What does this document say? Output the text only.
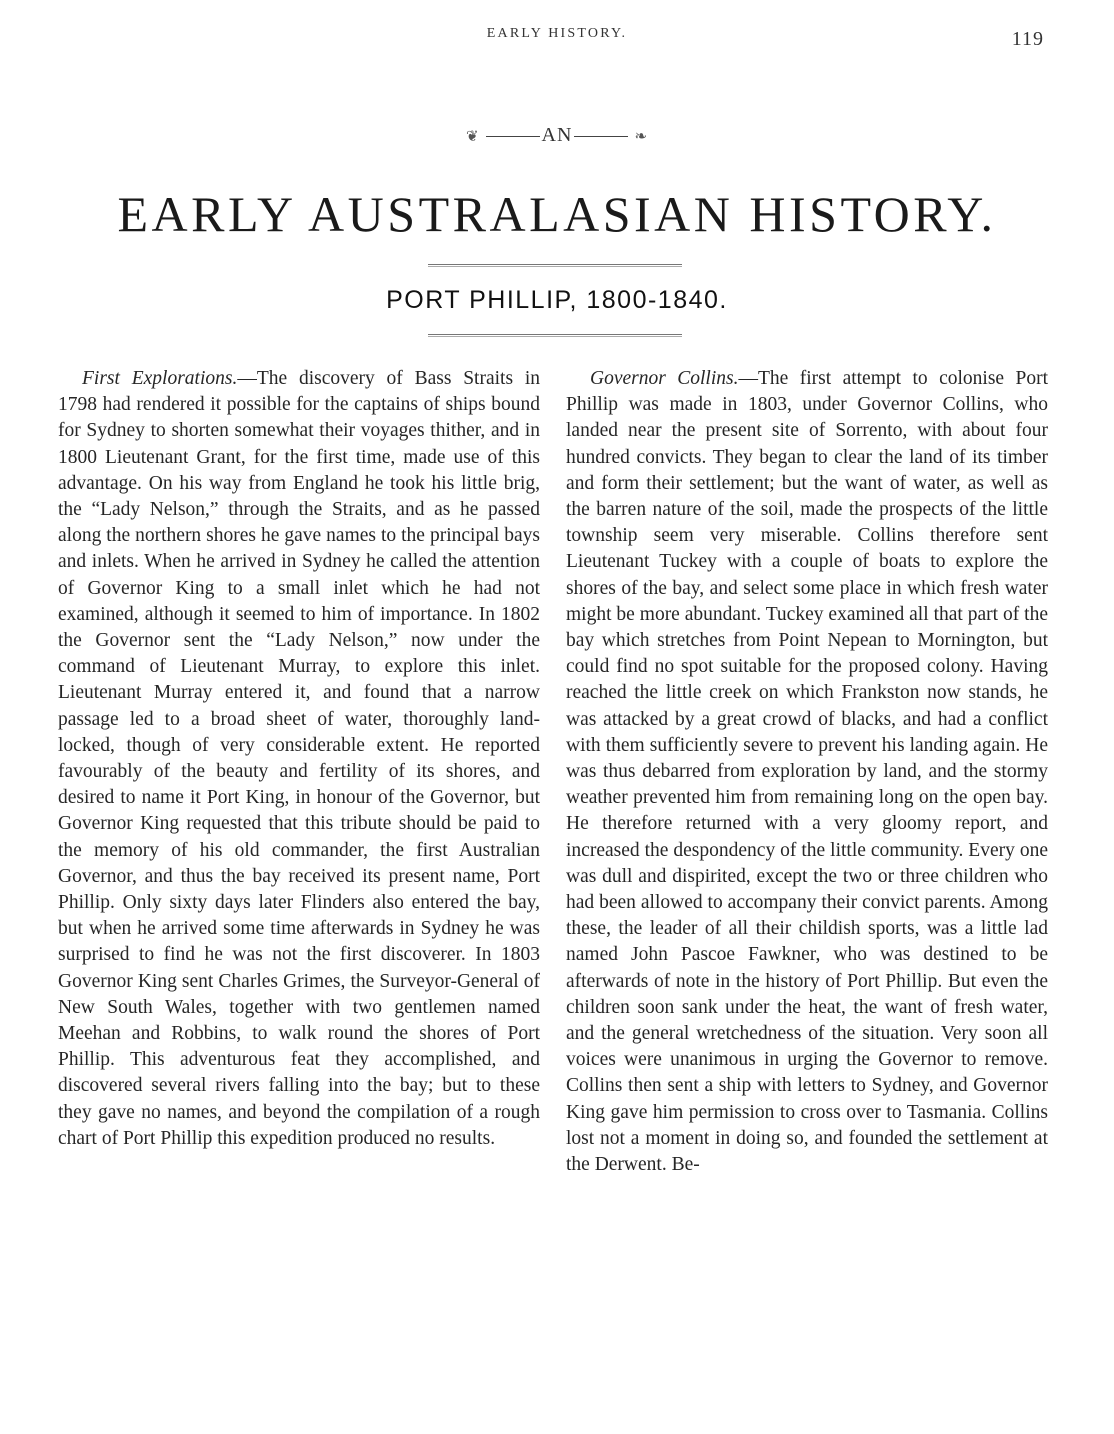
EARLY HISTORY.	119
❦	AN	❧
EARLY AUSTRALASIAN HISTORY.
PORT PHILLIP, 1800-1840.

First Explorations.—The discovery of Bass Straits in 1798 had rendered it possible for the captains of ships bound for Sydney to shorten somewhat their voyages thither, and in 1800 Lieutenant Grant, for the first time, made use of this advantage. On his way from England he took his little brig, the “Lady Nelson,” through the Straits, and as he passed along the northern shores he gave names to the principal bays and inlets. When he arrived in Sydney he called the attention of Governor King to a small inlet which he had not examined, although it seemed to him of importance. In 1802 the Governor sent the “Lady Nelson,” now under the command of Lieutenant Murray, to explore this inlet. Lieutenant Murray entered it, and found that a narrow passage led to a broad sheet of water, thoroughly land-locked, though of very considerable extent. He reported favourably of the beauty and fertility of its shores, and desired to name it Port King, in honour of the Governor, but Governor King requested that this tribute should be paid to the memory of his old commander, the first Australian Governor, and thus the bay received its present name, Port Phillip. Only sixty days later Flinders also entered the bay, but when he arrived some time afterwards in Sydney he was surprised to find he was not the first discoverer. In 1803 Governor King sent Charles Grimes, the Surveyor-General of New South Wales, together with two gentlemen named Meehan and Robbins, to walk round the shores of Port Phillip. This adventurous feat they accomplished, and discovered several rivers falling into the bay; but to these they gave no names, and beyond the compilation of a rough chart of Port Phillip this expedition produced no results.

Governor Collins.—The first attempt to colonise Port Phillip was made in 1803, under Governor Collins, who landed near the present site of Sorrento, with about four hundred convicts. They began to clear the land of its timber and form their settlement; but the want of water, as well as the barren nature of the soil, made the prospects of the little township seem very miserable. Collins therefore sent Lieutenant Tuckey with a couple of boats to explore the shores of the bay, and select some place in which fresh water might be more abundant. Tuckey examined all that part of the bay which stretches from Point Nepean to Mornington, but could find no spot suitable for the proposed colony. Having reached the little creek on which Frankston now stands, he was attacked by a great crowd of blacks, and had a conflict with them sufficiently severe to prevent his landing again. He was thus debarred from exploration by land, and the stormy weather prevented him from remaining long on the open bay. He therefore returned with a very gloomy report, and increased the despondency of the little community. Every one was dull and dispirited, except the two or three children who had been allowed to accompany their convict parents. Among these, the leader of all their childish sports, was a little lad named John Pascoe Fawkner, who was destined to be afterwards of note in the history of Port Phillip. But even the children soon sank under the heat, the want of fresh water, and the general wretchedness of the situation. Very soon all voices were unanimous in urging the Governor to remove. Collins then sent a ship with letters to Sydney, and Governor King gave him permission to cross over to Tasmania. Collins lost not a moment in doing so, and founded the settlement at the Derwent. Be-
